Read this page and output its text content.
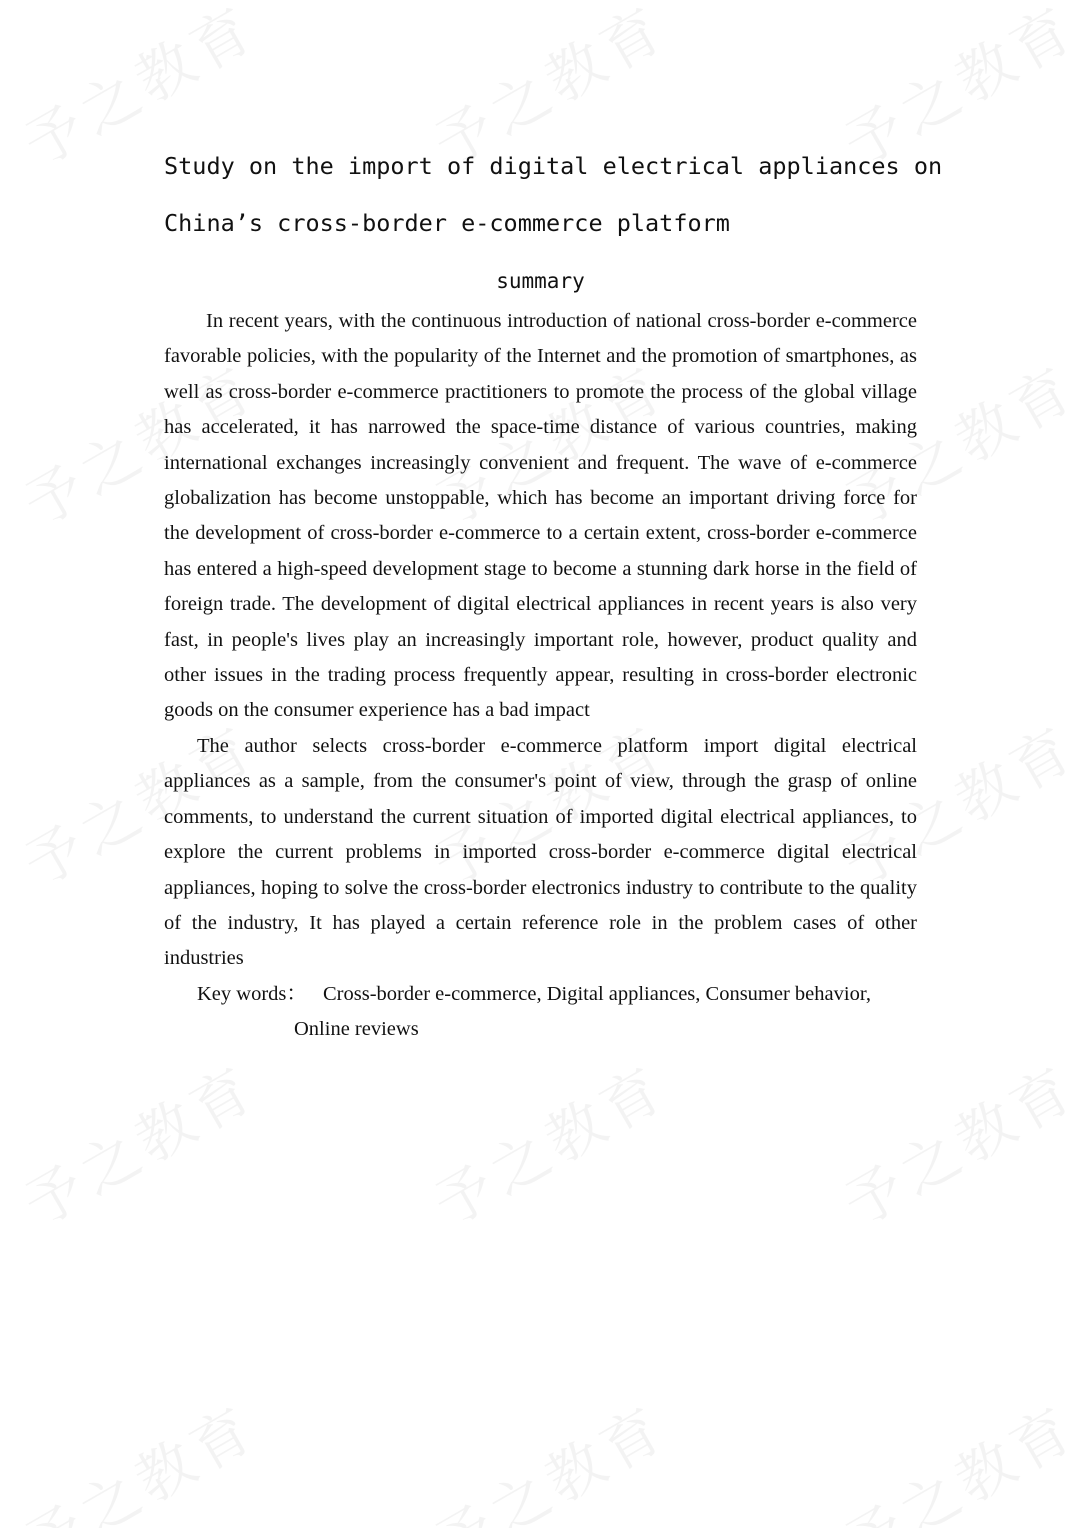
Study on the import of digital electrical appliances on
China’s cross-border e-commerce platform
summary

In recent years, with the continuous introduction of national cross-border e-commerce favorable policies, with the popularity of the Internet and the promotion of smartphones, as well as cross-border e-commerce practitioners to promote the process of the global village has accelerated, it has narrowed the space-time distance of various countries, making international exchanges increasingly convenient and frequent. The wave of e-commerce globalization has become unstoppable, which has become an important driving force for the development of cross-border e-commerce to a certain extent, cross-border e-commerce has entered a high-speed development stage to become a stunning dark horse in the field of foreign trade. The development of digital electrical appliances in recent years is also very fast, in people's lives play an increasingly important role, however, product quality and other issues in the trading process frequently appear, resulting in cross-border electronic goods on the consumer experience has a bad impact

The author selects cross-border e-commerce platform import digital electrical appliances as a sample, from the consumer's point of view, through the grasp of online comments, to understand the current situation of imported digital electrical appliances, to explore the current problems in imported cross-border e-commerce digital electrical appliances, hoping to solve the cross-border electronics industry to contribute to the quality of the industry, It has played a certain reference role in the problem cases of other industries

Key words： Cross-border e-commerce, Digital appliances, Consumer behavior,

Online reviews
